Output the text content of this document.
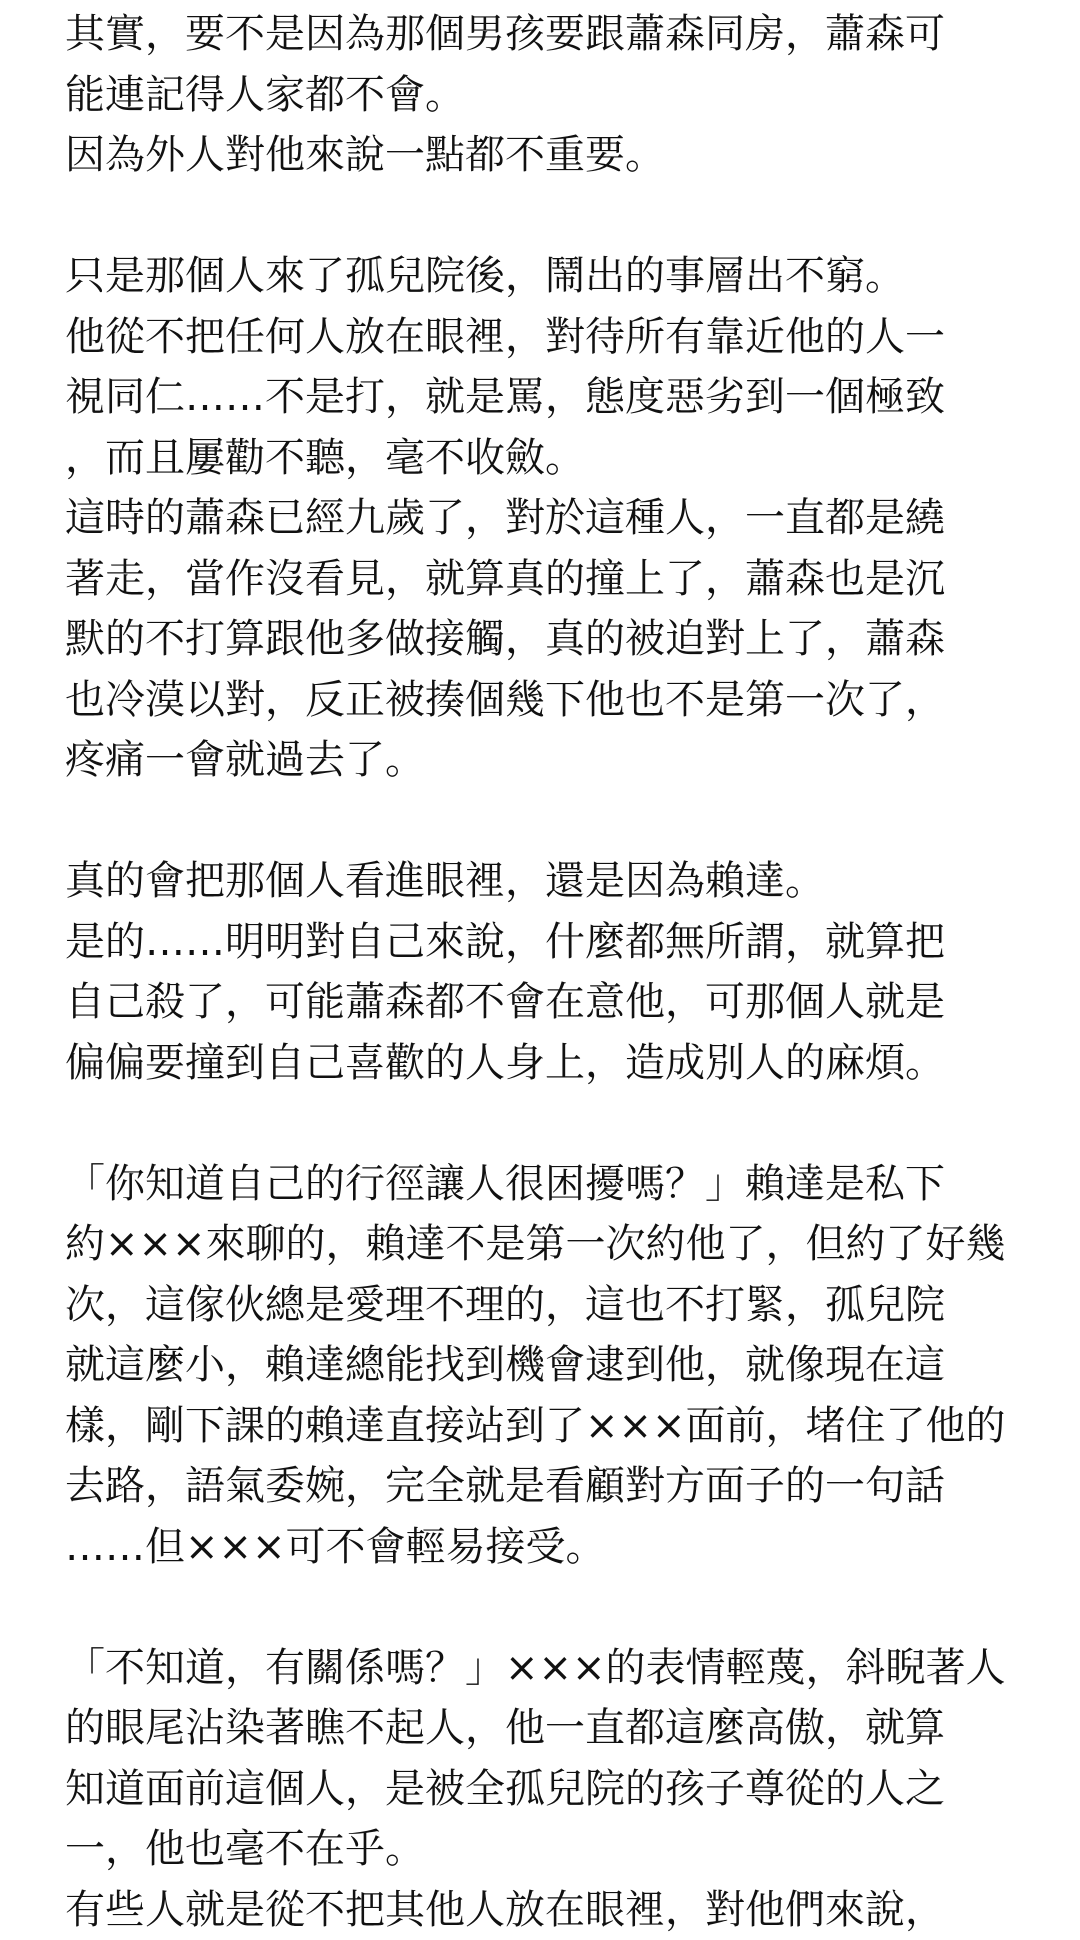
其實，要不是因為那個男孩要跟蕭森同房，蕭森可
能連記得人家都不會。
因為外人對他來說一點都不重要。
只是那個人來了孤兒院後，鬧出的事層出不窮。
他從不把任何人放在眼裡，對待所有靠近他的人一
視同仁……不是打，就是罵，態度惡劣到一個極致
，而且屢勸不聽，毫不收斂。
這時的蕭森已經九歲了，對於這種人，一直都是繞
著走，當作沒看見，就算真的撞上了，蕭森也是沉
默的不打算跟他多做接觸，真的被迫對上了，蕭森
也冷漠以對，反正被揍個幾下他也不是第一次了，
疼痛一會就過去了。
真的會把那個人看進眼裡，還是因為賴達。
是的……明明對自己來說，什麼都無所謂，就算把
自己殺了，可能蕭森都不會在意他，可那個人就是
偏偏要撞到自己喜歡的人身上，造成別人的麻煩。
「你知道自己的行徑讓人很困擾嗎？」賴達是私下
約×××來聊的，賴達不是第一次約他了，但約了好幾
次，這傢伙總是愛理不理的，這也不打緊，孤兒院
就這麼小，賴達總能找到機會逮到他，就像現在這
樣，剛下課的賴達直接站到了×××面前，堵住了他的
去路，語氣委婉，完全就是看顧對方面子的一句話
……但×××可不會輕易接受。
「不知道，有關係嗎？」×××的表情輕蔑，斜睨著人
的眼尾沾染著瞧不起人，他一直都這麼高傲，就算
知道面前這個人，是被全孤兒院的孩子尊從的人之
一，他也毫不在乎。
有些人就是從不把其他人放在眼裡，對他們來說，
